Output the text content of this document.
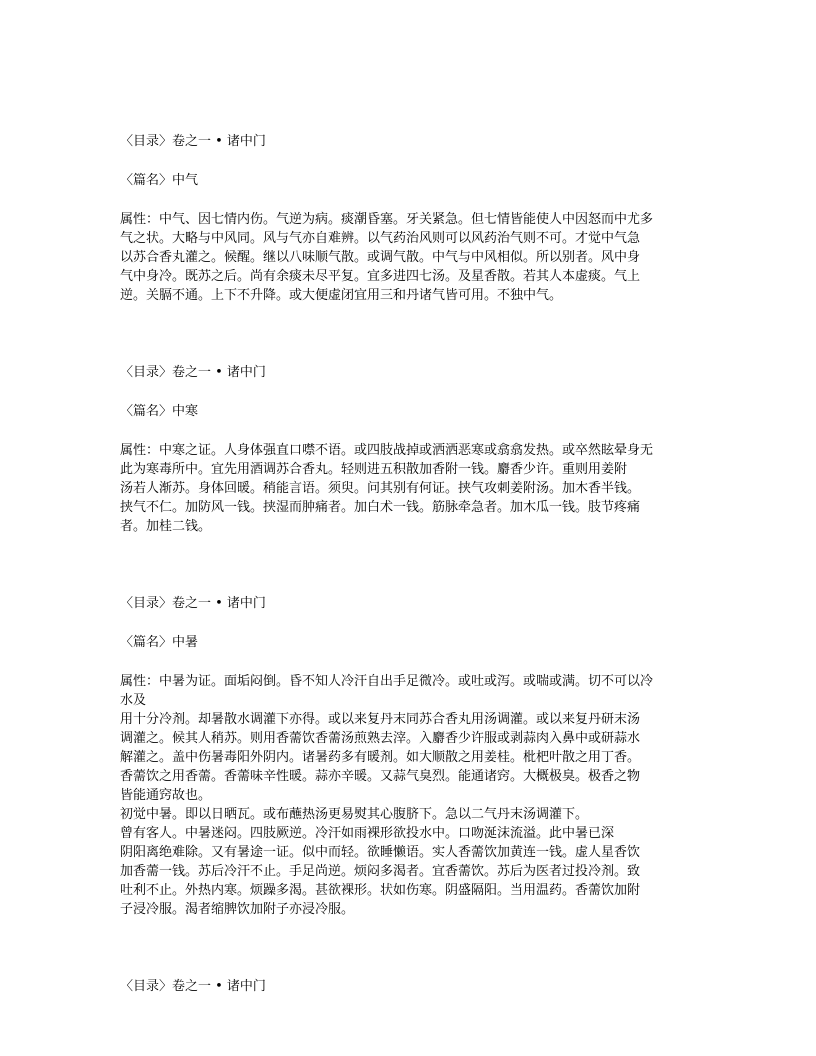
〈目录〉卷之一 • 诸中门

〈篇名〉中气

属性：中气、因七情内伤。气逆为病。痰潮昏塞。牙关紧急。但七情皆能使人中因怒而中尤多
气之状。大略与中风同。风与气亦自难辨。以气药治风则可以风药治气则不可。才觉中气急
以苏合香丸灌之。候醒。继以八味顺气散。或调气散。中气与中风相似。所以别者。风中身
气中身冷。既苏之后。尚有余痰未尽平复。宜多进四七汤。及星香散。若其人本虚痰。气上
逆。关膈不通。上下不升降。或大便虚闭宜用三和丹诸气皆可用。不独中气。

〈目录〉卷之一 • 诸中门

〈篇名〉中寒

属性：中寒之证。人身体强直口噤不语。或四肢战掉或洒洒恶寒或翕翕发热。或卒然眩晕身无
此为寒毒所中。宜先用酒调苏合香丸。轻则进五积散加香附一钱。麝香少许。重则用姜附
汤若人渐苏。身体回暖。稍能言语。须臾。问其别有何证。挟气攻刺姜附汤。加木香半钱。
挟气不仁。加防风一钱。挟湿而肿痛者。加白术一钱。筋脉牵急者。加木瓜一钱。肢节疼痛
者。加桂二钱。

〈目录〉卷之一 • 诸中门

〈篇名〉中暑

属性：中暑为证。面垢闷倒。昏不知人冷汗自出手足微冷。或吐或泻。或喘或满。切不可以冷
水及
用十分冷剂。却暑散水调灌下亦得。或以来复丹末同苏合香丸用汤调灌。或以来复丹研末汤
调灌之。候其人稍苏。则用香薷饮香薷汤煎熟去滓。入麝香少许服或剥蒜肉入鼻中或研蒜水
解灌之。盖中伤暑毒阳外阴内。诸暑药多有暖剂。如大顺散之用姜桂。枇杷叶散之用丁香。
香薷饮之用香薷。香薷味辛性暖。蒜亦辛暖。又蒜气臭烈。能通诸窍。大概极臭。极香之物
皆能通窍故也。
初觉中暑。即以日晒瓦。或布蘸热汤更易熨其心腹脐下。急以二气丹末汤调灌下。
曾有客人。中暑迷闷。四肢厥逆。冷汗如雨裸形欲投水中。口吻涎沫流溢。此中暑已深
阴阳离绝难除。又有暑途一证。似中而轻。欲睡懒语。实人香薷饮加黄连一钱。虚人星香饮
加香薷一钱。苏后冷汗不止。手足尚逆。烦闷多渴者。宜香薷饮。苏后为医者过投冷剂。致
吐利不止。外热内寒。烦躁多渴。甚欲裸形。状如伤寒。阴盛隔阳。当用温药。香薷饮加附
子浸冷服。渴者缩脾饮加附子亦浸冷服。

〈目录〉卷之一 • 诸中门
